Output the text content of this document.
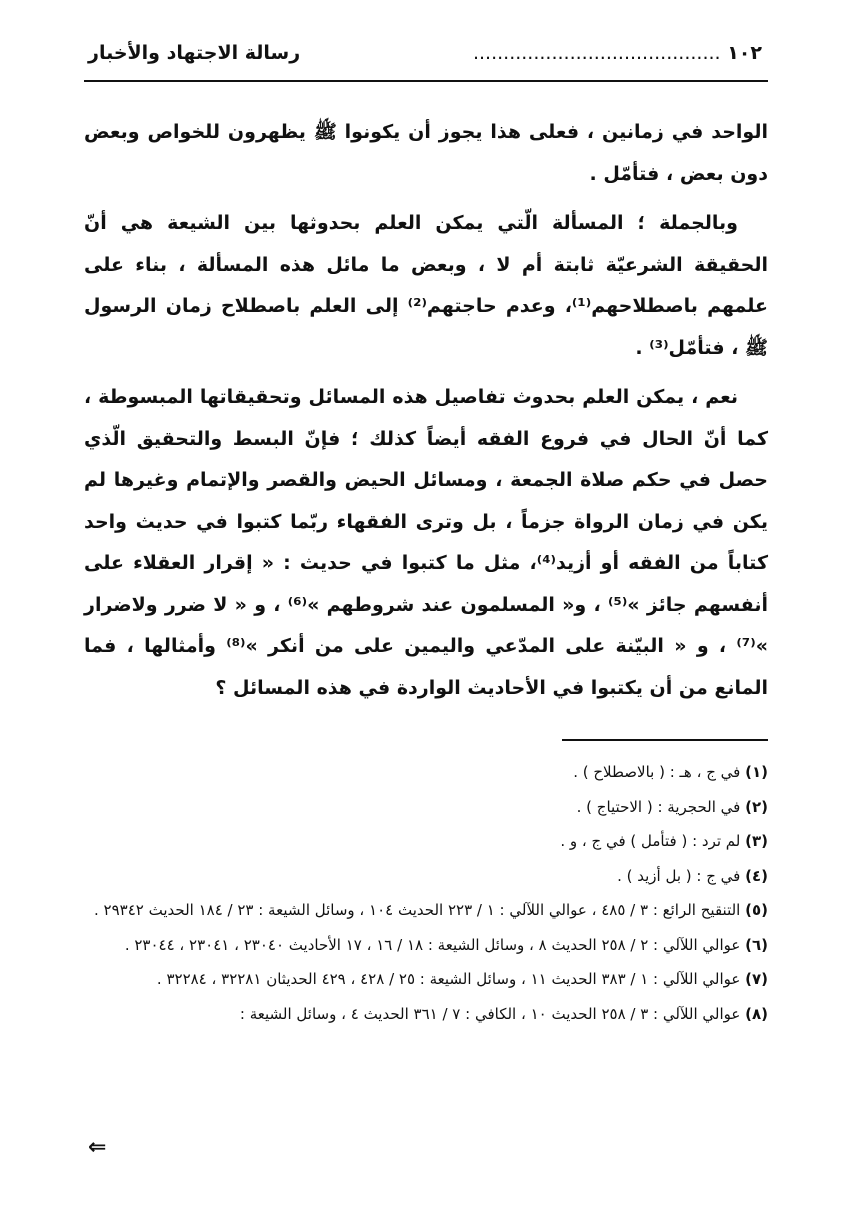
١٠٢ .........................................
رسالة الاجتهاد والأخبار

الواحد في زمانين ، فعلى هذا يجوز أن يكونوا ﷺ يظهرون للخواص وبعض دون بعض ، فتأمّل .

وبالجملة ؛ المسألة الّتي يمكن العلم بحدوثها بين الشيعة هي أنّ الحقيقة الشرعيّة ثابتة أم لا ، وبعض ما مائل هذه المسألة ، بناء على علمهم باصطلاحهم⁽¹⁾، وعدم حاجتهم⁽²⁾ إلى العلم باصطلاح زمان الرسول ﷺ ، فتأمّل⁽³⁾ .

نعم ، يمكن العلم بحدوث تفاصيل هذه المسائل وتحقيقاتها المبسوطة ، كما أنّ الحال في فروع الفقه أيضاً كذلك ؛ فإنّ البسط والتحقيق الّذي حصل في حكم صلاة الجمعة ، ومسائل الحيض والقصر والإتمام وغيرها لم يكن في زمان الرواة جزماً ، بل وترى الفقهاء ربّما كتبوا في حديث واحد كتاباً من الفقه أو أزيد⁽⁴⁾، مثل ما كتبوا في حديث : « إقرار العقلاء على أنفسهم جائز »⁽⁵⁾ ، و« المسلمون عند شروطهم »⁽⁶⁾ ، و « لا ضرر ولاضرار »⁽⁷⁾ ، و « البيّنة على المدّعي واليمين على من أنكر »⁽⁸⁾ وأمثالها ، فما المانع من أن يكتبوا في الأحاديث الواردة في هذه المسائل ؟

(١) في ج ، هـ : ( بالاصطلاح ) .

(٢) في الحجرية : ( الاحتياج ) .

(٣) لم ترد : ( فتأمل ) في ج ، و .

(٤) في ج : ( بل أزيد ) .

(٥) التنقيح الرائع : ٣ / ٤٨٥ ، عوالي اللآلي : ١ / ٢٢٣ الحديث ١٠٤ ، وسائل الشيعة : ٢٣ / ١٨٤ الحديث ٢٩٣٤٢ .

(٦) عوالي اللآلي : ٢ / ٢٥٨ الحديث ٨ ، وسائل الشيعة : ١٨ / ١٦ ، ١٧ الأحاديث ٢٣٠٤٠ ، ٢٣٠٤١ ، ٢٣٠٤٤ .

(٧) عوالي اللآلي : ١ / ٣٨٣ الحديث ١١ ، وسائل الشيعة : ٢٥ / ٤٢٨ ، ٤٢٩ الحديثان ٣٢٢٨١ ، ٣٢٢٨٤ .

(٨) عوالي اللآلي : ٣ / ٢٥٨ الحديث ١٠ ، الكافي : ٧ / ٣٦١ الحديث ٤ ، وسائل الشيعة :

⇐
